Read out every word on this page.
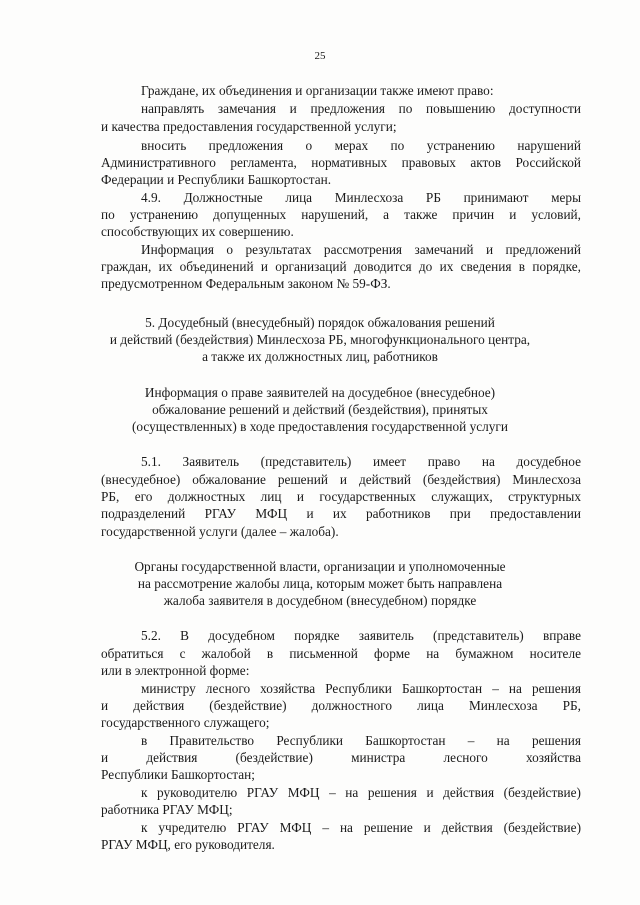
25
Граждане, их объединения и организации также имеют право:
направлять замечания и предложения по повышению доступности
и качества предоставления государственной услуги;
вносить предложения о мерах по устранению нарушений
Административного регламента, нормативных правовых актов Российской
Федерации и Республики Башкортостан.
4.9. Должностные лица Минлесхоза РБ принимают меры
по устранению допущенных нарушений, а также причин и условий,
способствующих их совершению.
Информация о результатах рассмотрения замечаний и предложений
граждан, их объединений и организаций доводится до их сведения в порядке,
предусмотренном Федеральным законом № 59-ФЗ.
5. Досудебный (внесудебный) порядок обжалования решений
и действий (бездействия) Минлесхоза РБ, многофункционального центра,
а также их должностных лиц, работников
Информация о праве заявителей на досудебное (внесудебное)
обжалование решений и действий (бездействия), принятых
(осуществленных) в ходе предоставления государственной услуги
5.1. Заявитель (представитель) имеет право на досудебное
(внесудебное) обжалование решений и действий (бездействия) Минлесхоза
РБ, его должностных лиц и государственных служащих, структурных
подразделений РГАУ МФЦ и их работников при предоставлении
государственной услуги (далее – жалоба).
Органы государственной власти, организации и уполномоченные
на рассмотрение жалобы лица, которым может быть направлена
жалоба заявителя в досудебном (внесудебном) порядке
5.2. В досудебном порядке заявитель (представитель) вправе
обратиться с жалобой в письменной форме на бумажном носителе
или в электронной форме:
министру лесного хозяйства Республики Башкортостан – на решения
и действия (бездействие) должностного лица Минлесхоза РБ,
государственного служащего;
в Правительство Республики Башкортостан – на решения
и действия (бездействие) министра лесного хозяйства
Республики Башкортостан;
к руководителю РГАУ МФЦ – на решения и действия (бездействие)
работника РГАУ МФЦ;
к учредителю РГАУ МФЦ – на решение и действия (бездействие)
РГАУ МФЦ, его руководителя.
